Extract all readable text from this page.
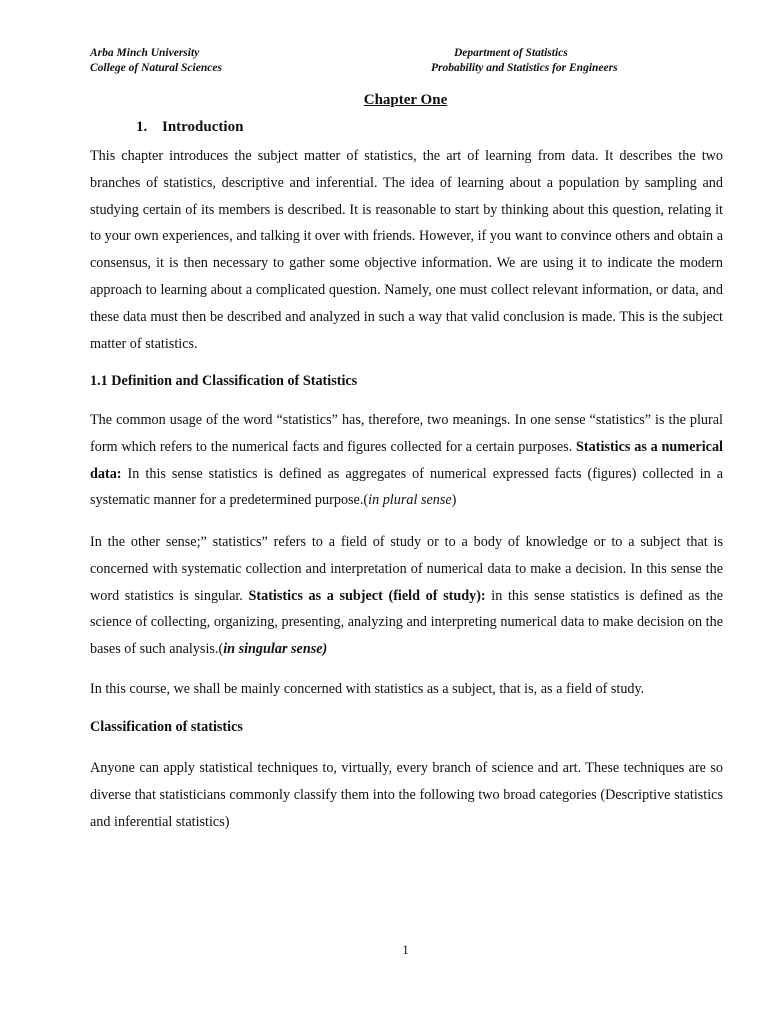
Arba Minch University
College of Natural Sciences
Department of Statistics
Probability and Statistics for Engineers
Chapter One
1. Introduction
This chapter introduces the subject matter of statistics, the art of learning from data. It describes the two branches of statistics, descriptive and inferential. The idea of learning about a population by sampling and studying certain of its members is described. It is reasonable to start by thinking about this question, relating it to your own experiences, and talking it over with friends. However, if you want to convince others and obtain a consensus, it is then necessary to gather some objective information. We are using it to indicate the modern approach to learning about a complicated question. Namely, one must collect relevant information, or data, and these data must then be described and analyzed in such a way that valid conclusion is made. This is the subject matter of statistics.
1.1 Definition and Classification of Statistics
The common usage of the word “statistics” has, therefore, two meanings. In one sense “statistics” is the plural form which refers to the numerical facts and figures collected for a certain purposes. Statistics as a numerical data: In this sense statistics is defined as aggregates of numerical expressed facts (figures) collected in a systematic manner for a predetermined purpose.(in plural sense)
In the other sense;” statistics” refers to a field of study or to a body of knowledge or to a subject that is concerned with systematic collection and interpretation of numerical data to make a decision. In this sense the word statistics is singular. Statistics as a subject (field of study): in this sense statistics is defined as the science of collecting, organizing, presenting, analyzing and interpreting numerical data to make decision on the bases of such analysis.(in singular sense)
In this course, we shall be mainly concerned with statistics as a subject, that is, as a field of study.
Classification of statistics
Anyone can apply statistical techniques to, virtually, every branch of science and art. These techniques are so diverse that statisticians commonly classify them into the following two broad categories (Descriptive statistics and inferential statistics)
1
